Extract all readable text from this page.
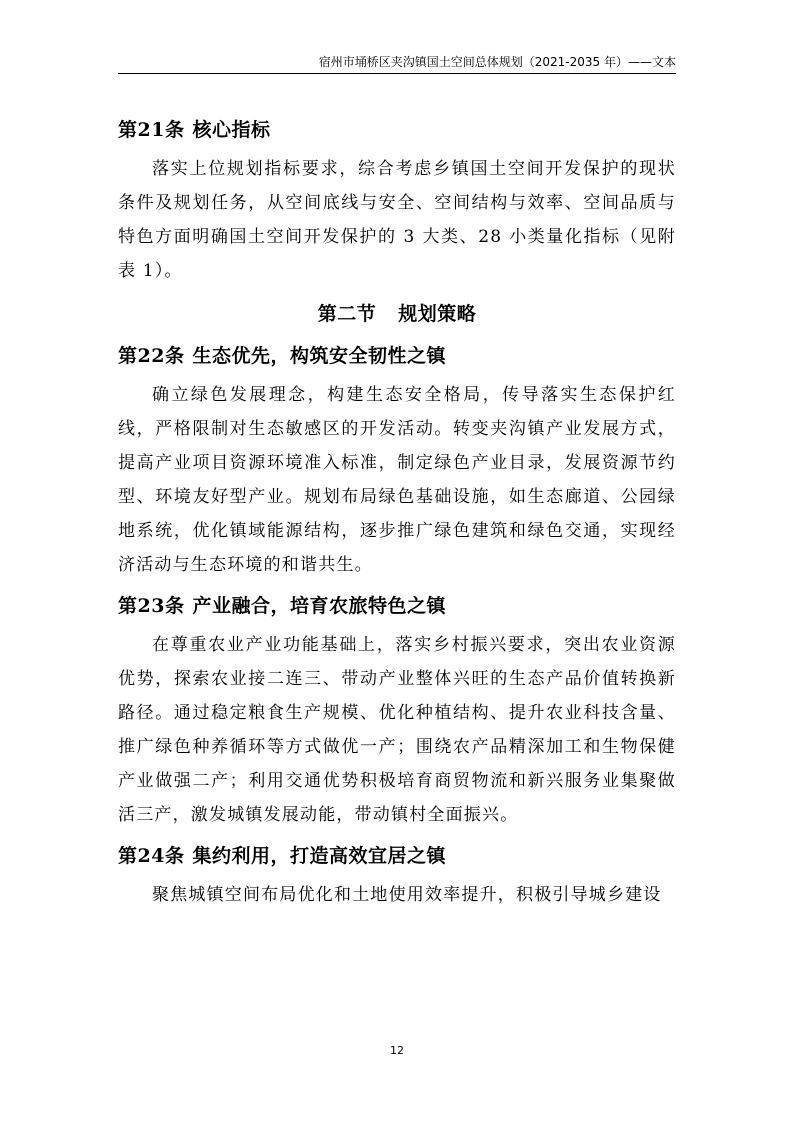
宿州市埇桥区夹沟镇国土空间总体规划（2021-2035 年）——文本
第21条 核心指标

落实上位规划指标要求，综合考虑乡镇国土空间开发保护的现状条件及规划任务，从空间底线与安全、空间结构与效率、空间品质与特色方面明确国土空间开发保护的 3 大类、28 小类量化指标（见附表 1）。

第二节 规划策略
第22条 生态优先，构筑安全韧性之镇

确立绿色发展理念，构建生态安全格局，传导落实生态保护红线，严格限制对生态敏感区的开发活动。转变夹沟镇产业发展方式，提高产业项目资源环境准入标准，制定绿色产业目录，发展资源节约型、环境友好型产业。规划布局绿色基础设施，如生态廊道、公园绿地系统，优化镇域能源结构，逐步推广绿色建筑和绿色交通，实现经济活动与生态环境的和谐共生。

第23条 产业融合，培育农旅特色之镇

在尊重农业产业功能基础上，落实乡村振兴要求，突出农业资源优势，探索农业接二连三、带动产业整体兴旺的生态产品价值转换新路径。通过稳定粮食生产规模、优化种植结构、提升农业科技含量、推广绿色种养循环等方式做优一产；围绕农产品精深加工和生物保健产业做强二产；利用交通优势积极培育商贸物流和新兴服务业集聚做活三产，激发城镇发展动能，带动镇村全面振兴。

第24条 集约利用，打造高效宜居之镇

聚焦城镇空间布局优化和土地使用效率提升，积极引导城乡建设

12
